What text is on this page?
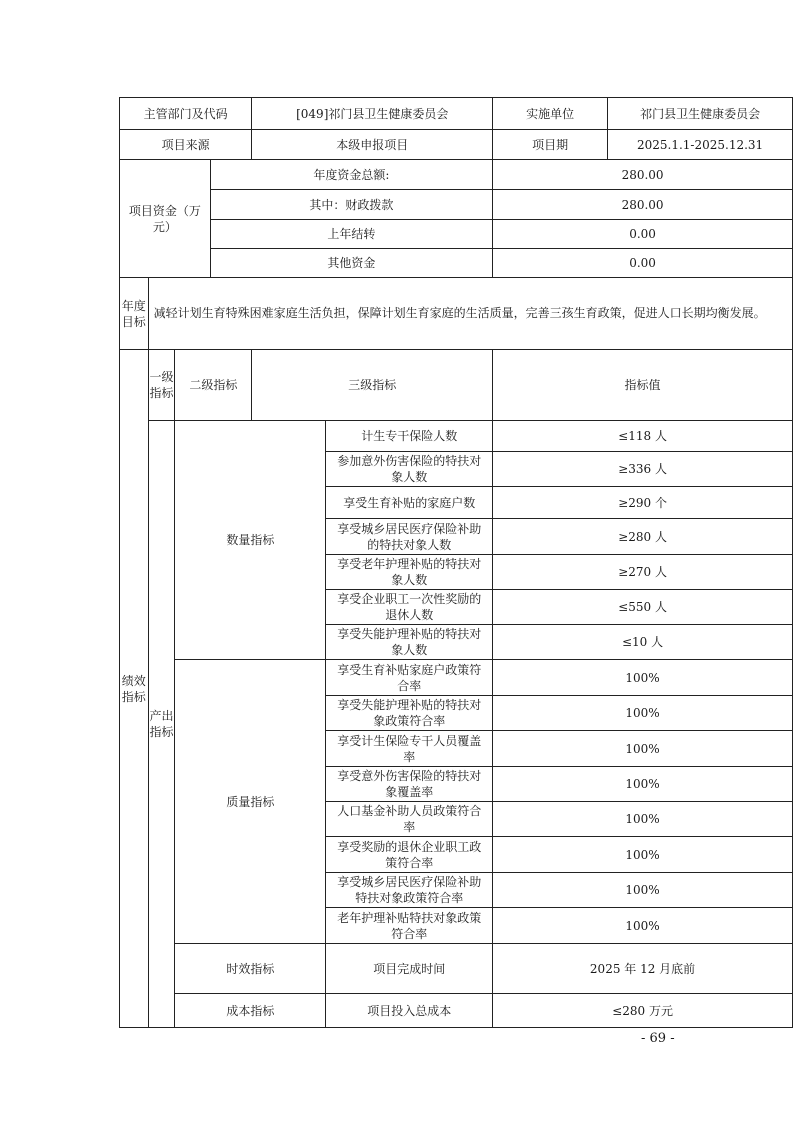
主管部门及代码				[049]祁门县卫生健康委员会		实施单位	祁门县卫生健康委员会
项目来源				本级申报项目		项目期	2025.1.1-2025.12.31
项目资金（万元）			年度资金总额:			280.00	
			其中：财政拨款			280.00	
			上年结转			0.00	
			其他资金			0.00	
年度目标	减轻计划生育特殊困难家庭生活负担，保障计划生育家庭的生活质量，完善三孩生育政策，促进人口长期均衡发展。						
绩效指标	一级指标	二级指标		三级指标		指标值	
	产出指标	数量指标			计生专干保险人数	≤118 人	
					参加意外伤害保险的特扶对象人数	≥336 人	
					享受生育补贴的家庭户数	≥290 个	
					享受城乡居民医疗保险补助的特扶对象人数	≥280 人	
					享受老年护理补贴的特扶对象人数	≥270 人	
					享受企业职工一次性奖励的退休人数	≤550 人	
					享受失能护理补贴的特扶对象人数	≤10 人	
		质量指标			享受生育补贴家庭户政策符合率	100%	
					享受失能护理补贴的特扶对象政策符合率	100%	
					享受计生保险专干人员覆盖率	100%	
					享受意外伤害保险的特扶对象覆盖率	100%	
					人口基金补助人员政策符合率	100%	
					享受奖励的退休企业职工政策符合率	100%	
					享受城乡居民医疗保险补助特扶对象政策符合率	100%	
					老年护理补贴特扶对象政策符合率	100%	
		时效指标			项目完成时间	2025 年 12 月底前	
		成本指标			项目投入总成本	≤280 万元	
- 69 -
